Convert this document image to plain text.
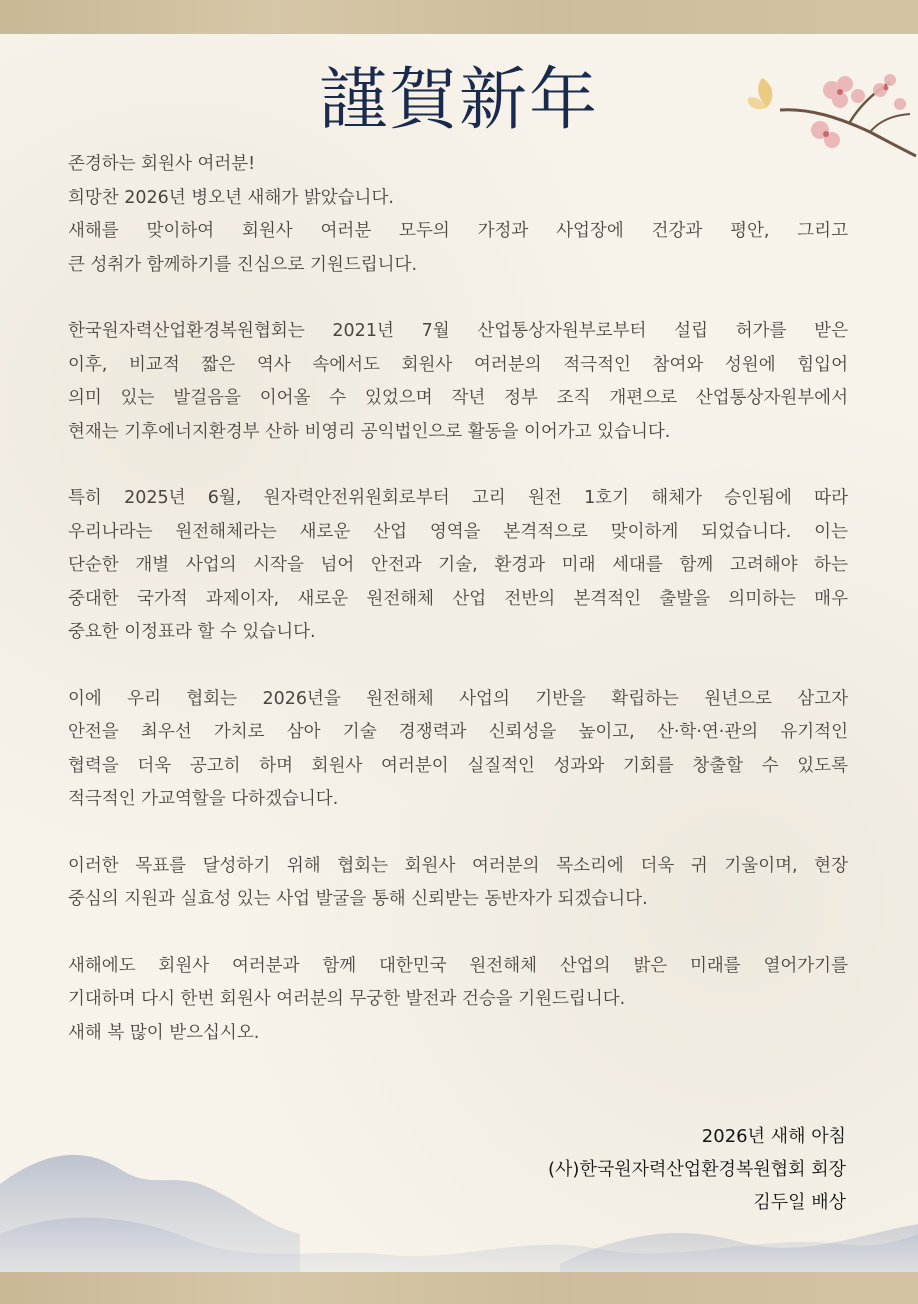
謹賀新年
존경하는 회원사 여러분!
희망찬 2026년 병오년 새해가 밝았습니다.
새해를 맞이하여 회원사 여러분 모두의 가정과 사업장에 건강과 평안, 그리고
큰 성취가 함께하기를 진심으로 기원드립니다.
한국원자력산업환경복원협회는 2021년 7월 산업통상자원부로부터 설립 허가를 받은
이후, 비교적 짧은 역사 속에서도 회원사 여러분의 적극적인 참여와 성원에 힘입어
의미 있는 발걸음을 이어올 수 있었으며 작년 정부 조직 개편으로 산업통상자원부에서
현재는 기후에너지환경부 산하 비영리 공익법인으로 활동을 이어가고 있습니다.
특히 2025년 6월, 원자력안전위원회로부터 고리 원전 1호기 해체가 승인됨에 따라
우리나라는 원전해체라는 새로운 산업 영역을 본격적으로 맞이하게 되었습니다. 이는
단순한 개별 사업의 시작을 넘어 안전과 기술, 환경과 미래 세대를 함께 고려해야 하는
중대한 국가적 과제이자, 새로운 원전해체 산업 전반의 본격적인 출발을 의미하는 매우
중요한 이정표라 할 수 있습니다.
이에 우리 협회는 2026년을 원전해체 사업의 기반을 확립하는 원년으로 삼고자
안전을 최우선 가치로 삼아 기술 경쟁력과 신뢰성을 높이고, 산·학·연·관의 유기적인
협력을 더욱 공고히 하며 회원사 여러분이 실질적인 성과와 기회를 창출할 수 있도록
적극적인 가교역할을 다하겠습니다.
이러한 목표를 달성하기 위해 협회는 회원사 여러분의 목소리에 더욱 귀 기울이며, 현장
중심의 지원과 실효성 있는 사업 발굴을 통해 신뢰받는 동반자가 되겠습니다.
새해에도 회원사 여러분과 함께 대한민국 원전해체 산업의 밝은 미래를 열어가기를
기대하며 다시 한번 회원사 여러분의 무궁한 발전과 건승을 기원드립니다.
새해 복 많이 받으십시오.
2026년 새해 아침
(사)한국원자력산업환경복원협회 회장
김두일 배상
